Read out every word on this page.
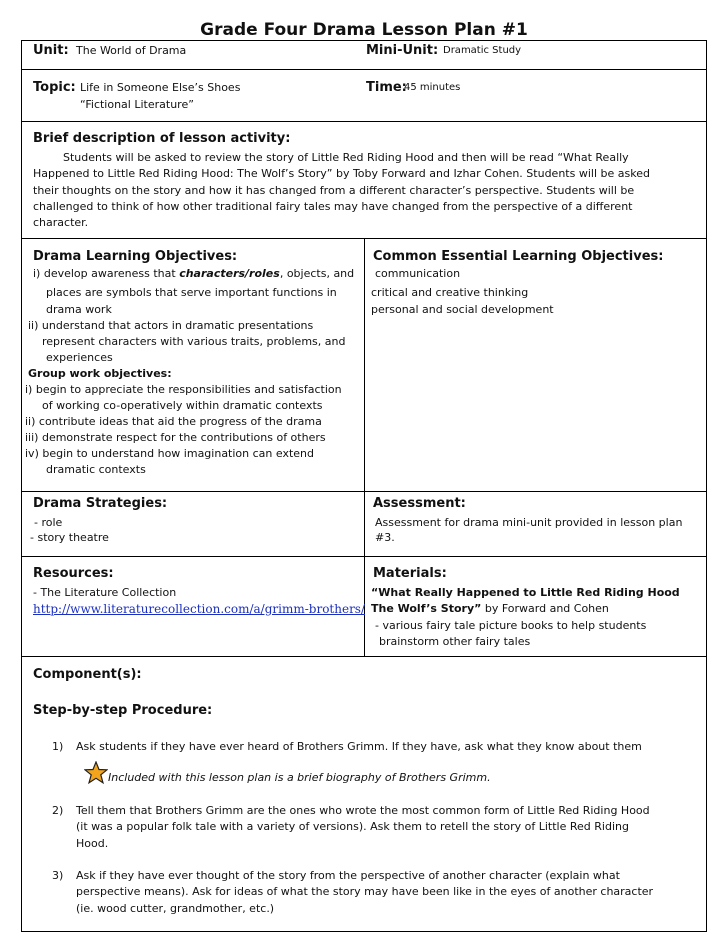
Grade Four Drama Lesson Plan #1
Unit: The World of Drama	Mini-Unit: Dramatic Study
Topic: Life in Someone Else’s Shoes
“Fictional Literature”
Time:
45 minutes
Brief description of lesson activity:
Students will be asked to review the story of Little Red Riding Hood and then will be read “What Really
Happened to Little Red Riding Hood: The Wolf’s Story” by Toby Forward and Izhar Cohen. Students will be asked
their thoughts on the story and how it has changed from a different character’s perspective. Students will be
challenged to think of how other traditional fairy tales may have changed from the perspective of a different
character.
Drama Learning Objectives:
i) develop awareness that characters/roles, objects, and
places are symbols that serve important functions in
drama work
ii) understand that actors in dramatic presentations
represent characters with various traits, problems, and
experiences
Group work objectives:
i) begin to appreciate the responsibilities and satisfaction
of working co-operatively within dramatic contexts
ii) contribute ideas that aid the progress of the drama
iii) demonstrate respect for the contributions of others
iv) begin to understand how imagination can extend
dramatic contexts
Common Essential Learning Objectives:
communication
critical and creative thinking
personal and social development
Drama Strategies:
- role
- story theatre
Assessment:
Assessment for drama mini-unit provided in lesson plan
#3.
Resources:
- The Literature Collection
http://www.literaturecollection.com/a/grimm-brothers/
Materials:
“What Really Happened to Little Red Riding Hood
The Wolf’s Story” by Forward and Cohen
- various fairy tale picture books to help students
brainstorm other fairy tales
Component(s):
Step-by-step Procedure:
1) Ask students if they have ever heard of Brothers Grimm. If they have, ask what they know about them
Included with this lesson plan is a brief biography of Brothers Grimm.
2) Tell them that Brothers Grimm are the ones who wrote the most common form of Little Red Riding Hood
(it was a popular folk tale with a variety of versions). Ask them to retell the story of Little Red Riding
Hood.
3) Ask if they have ever thought of the story from the perspective of another character (explain what
perspective means). Ask for ideas of what the story may have been like in the eyes of another character
(ie. wood cutter, grandmother, etc.)
